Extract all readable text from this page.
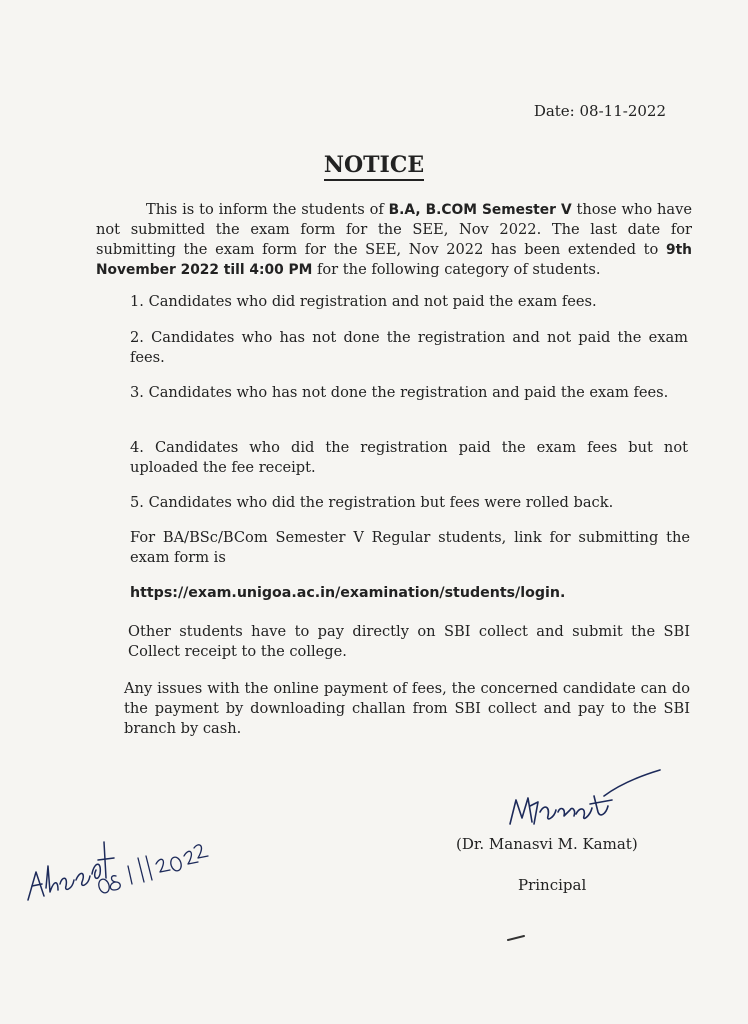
Date: 08-11-2022
NOTICE
This is to inform the students of B.A, B.COM Semester V those who have not submitted the exam form for the SEE, Nov 2022. The last date for submitting the exam form for the SEE, Nov 2022 has been extended to 9th November 2022 till 4:00 PM for the following category of students.
1. Candidates who did registration and not paid the exam fees.
2. Candidates who has not done the registration and not paid the exam fees.
3. Candidates who has not done the registration and paid the exam fees.
4. Candidates who did the registration paid the exam fees but not uploaded the fee receipt.
5. Candidates who did the registration but fees were rolled back.
For BA/BSc/BCom Semester V Regular students, link for submitting the exam form is
https://exam.unigoa.ac.in/examination/students/login.
Other students have to pay directly on SBI collect and submit the SBI Collect receipt to the college.
Any issues with the online payment of fees, the concerned candidate can do the payment by downloading challan from SBI collect and pay to the SBI branch by cash.
(Dr. Manasvi M. Kamat)
Principal
